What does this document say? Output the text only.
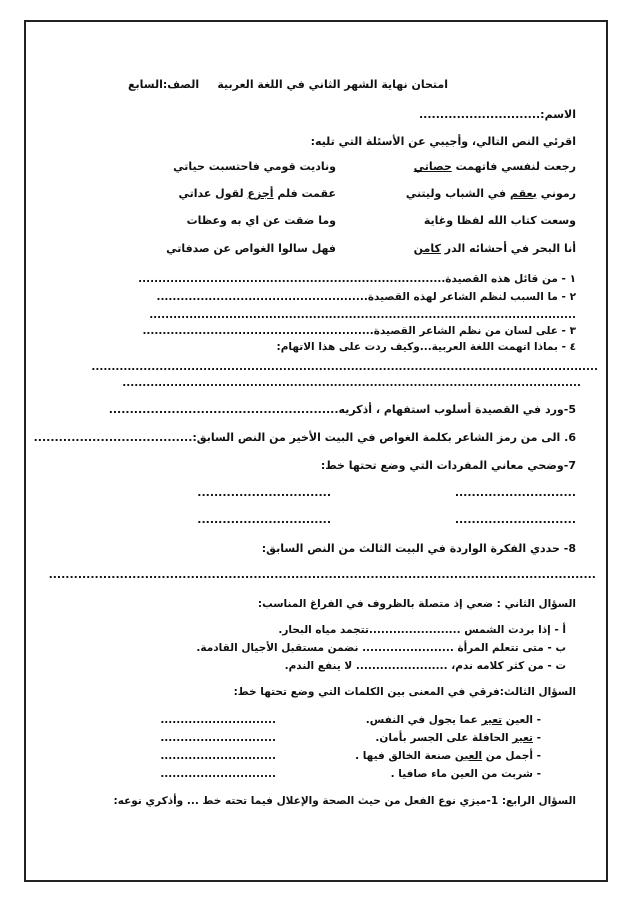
امتحان نهاية الشهر الثاني في اللغة العربية
الصف:السابع
الاسم:.............................
اقرئي النص التالي، وأجيبي عن الأسئلة التي تليه:
رجعت لنفسي فاتهمت حصاتي
وناديت قومي فاحتسبت حياتي
رموني بعقم في الشباب وليتني
عقمت فلم أجزع لقول عداتي
وسعت كتاب الله لفظا وغاية
وما ضقت عن اي به وعظات
أنا البحر في أحشائه الدر كامن
فهل سالوا الغواص عن صدفاتي
١ - من قائل هذه القصيدة.............................................................................
٢ - ما السبب لنظم الشاعر لهذه القصيدة.....................................................
...........................................................................................................
٣ - على لسان من نظم الشاعر القصيدة..........................................................
٤ - بماذا اتهمت اللغة العربية...وكيف ردت على هذا الاتهام:
...............................................................................................................................
...................................................................................................................
5-ورد في القصيدة أسلوب استفهام ، أذكريه.......................................................
6. الى من رمز الشاعر بكلمة الغواص في البيت الأخير من النص السابق:......................................
7-وضحي معاني المفردات التي وضع تحتها خط:
.............................
................................
.............................
................................
8- حددي الفكرة الواردة في البيت الثالث من النص السابق:
...................................................................................................................................
السؤال الثاني : ضعي إذ متصلة بالظروف في الفراغ المناسب:
أ - إذا بردت الشمس .......................تتجمد مياه البحار.
ب - متى تتعلم المرأة ....................... نضمن مستقبل الأجيال القادمة.
ت - من كثر كلامه ندم، ....................... لا ينفع الندم.
السؤال الثالث:فرقي في المعنى بين الكلمات التي وضع تحتها خط:
- العين تعير عما يجول في النفس.
.............................
- تعير الحافلة على الجسر بأمان.
.............................
- أجمل من العين صنعة الخالق فيها .
.............................
- شربت من العين ماء صافيا .
.............................
السؤال الرابع: 1-ميزي نوع الفعل من حيث الصحة والإعلال فيما تحته خط ... وأذكري نوعه:
